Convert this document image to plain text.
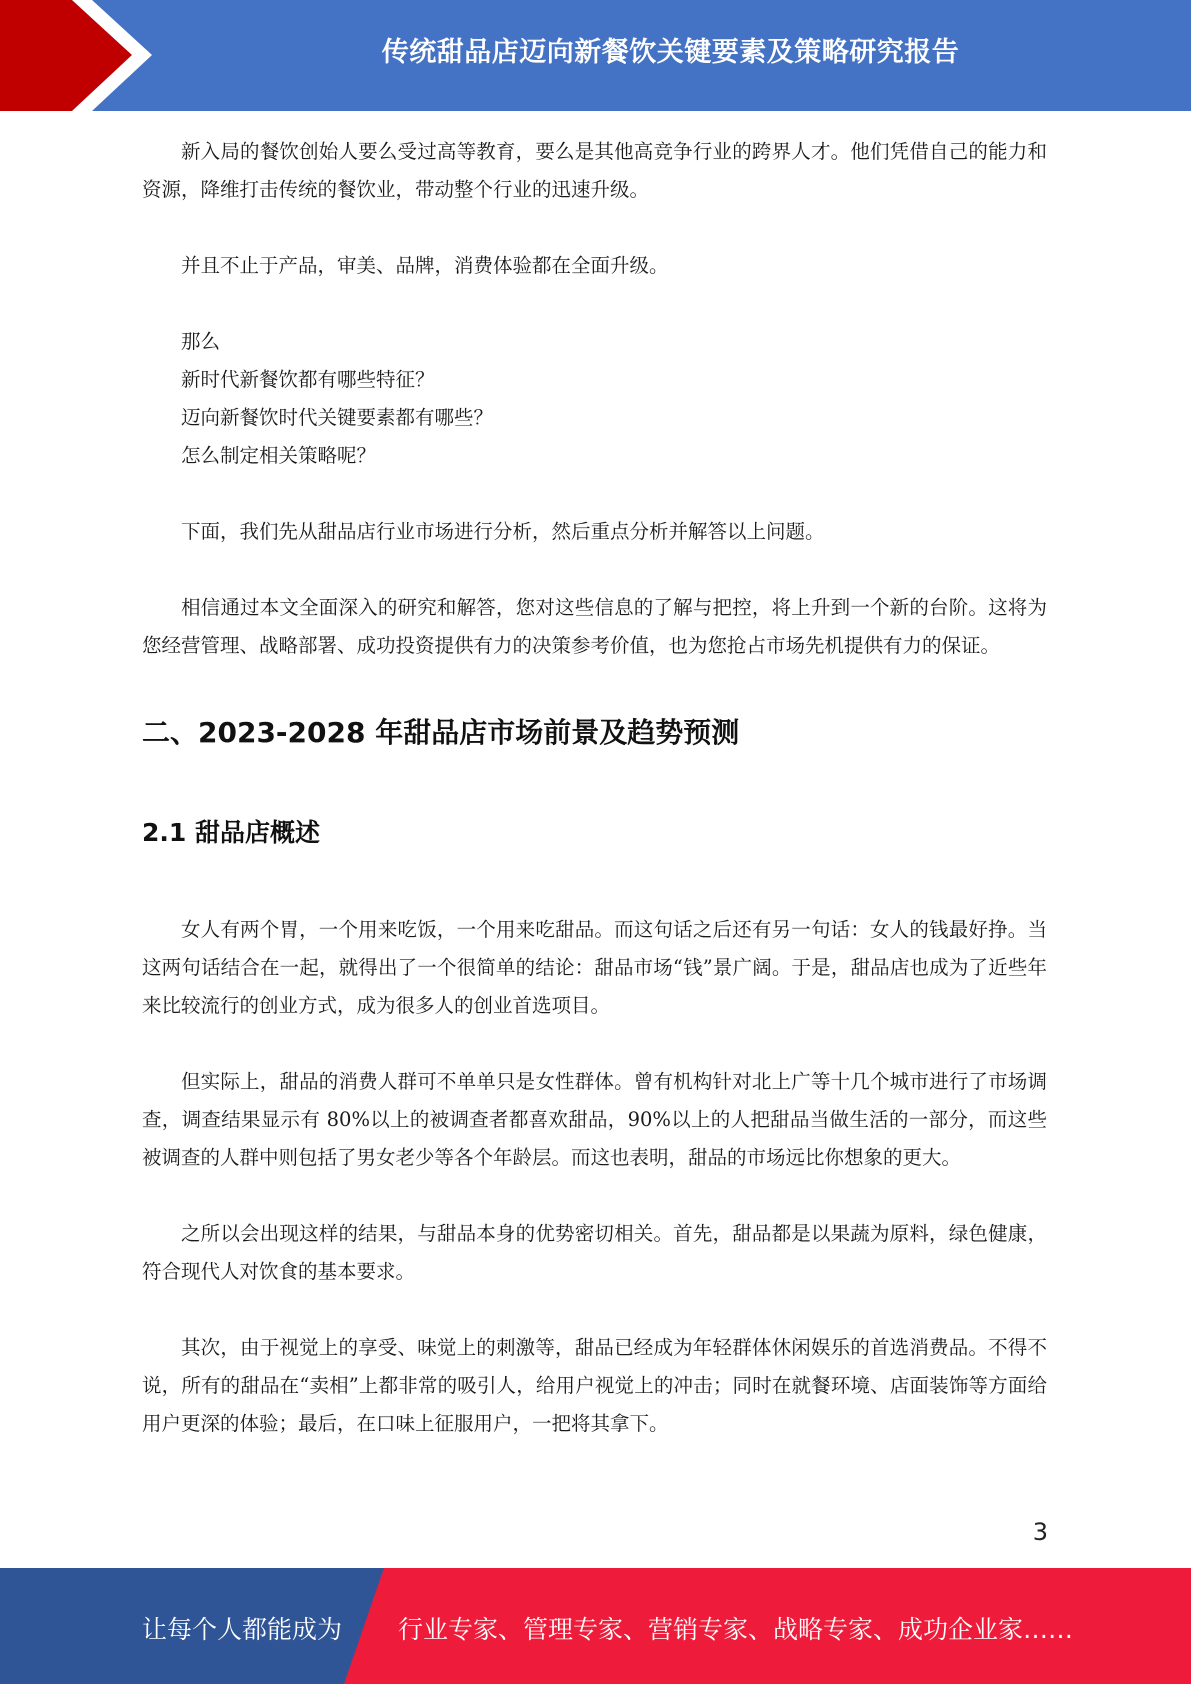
传统甜品店迈向新餐饮关键要素及策略研究报告

新入局的餐饮创始人要么受过高等教育，要么是其他高竞争行业的跨界人才。他们凭借自己的能力和资源，降维打击传统的餐饮业，带动整个行业的迅速升级。

并且不止于产品，审美、品牌，消费体验都在全面升级。

那么
新时代新餐饮都有哪些特征？
迈向新餐饮时代关键要素都有哪些？
怎么制定相关策略呢？

下面，我们先从甜品店行业市场进行分析，然后重点分析并解答以上问题。

相信通过本文全面深入的研究和解答，您对这些信息的了解与把控，将上升到一个新的台阶。这将为您经营管理、战略部署、成功投资提供有力的决策参考价值，也为您抢占市场先机提供有力的保证。

二、2023-2028 年甜品店市场前景及趋势预测
2.1 甜品店概述

女人有两个胃，一个用来吃饭，一个用来吃甜品。而这句话之后还有另一句话：女人的钱最好挣。当这两句话结合在一起，就得出了一个很简单的结论：甜品市场“钱”景广阔。于是，甜品店也成为了近些年来比较流行的创业方式，成为很多人的创业首选项目。

但实际上，甜品的消费人群可不单单只是女性群体。曾有机构针对北上广等十几个城市进行了市场调查，调查结果显示有 80%以上的被调查者都喜欢甜品，90%以上的人把甜品当做生活的一部分，而这些被调查的人群中则包括了男女老少等各个年龄层。而这也表明，甜品的市场远比你想象的更大。

之所以会出现这样的结果，与甜品本身的优势密切相关。首先，甜品都是以果蔬为原料，绿色健康，符合现代人对饮食的基本要求。

其次，由于视觉上的享受、味觉上的刺激等，甜品已经成为年轻群体休闲娱乐的首选消费品。不得不说，所有的甜品在“卖相”上都非常的吸引人，给用户视觉上的冲击；同时在就餐环境、店面装饰等方面给用户更深的体验；最后，在口味上征服用户，一把将其拿下。

3
让每个人都能成为 行业专家、管理专家、营销专家、战略专家、成功企业家……
